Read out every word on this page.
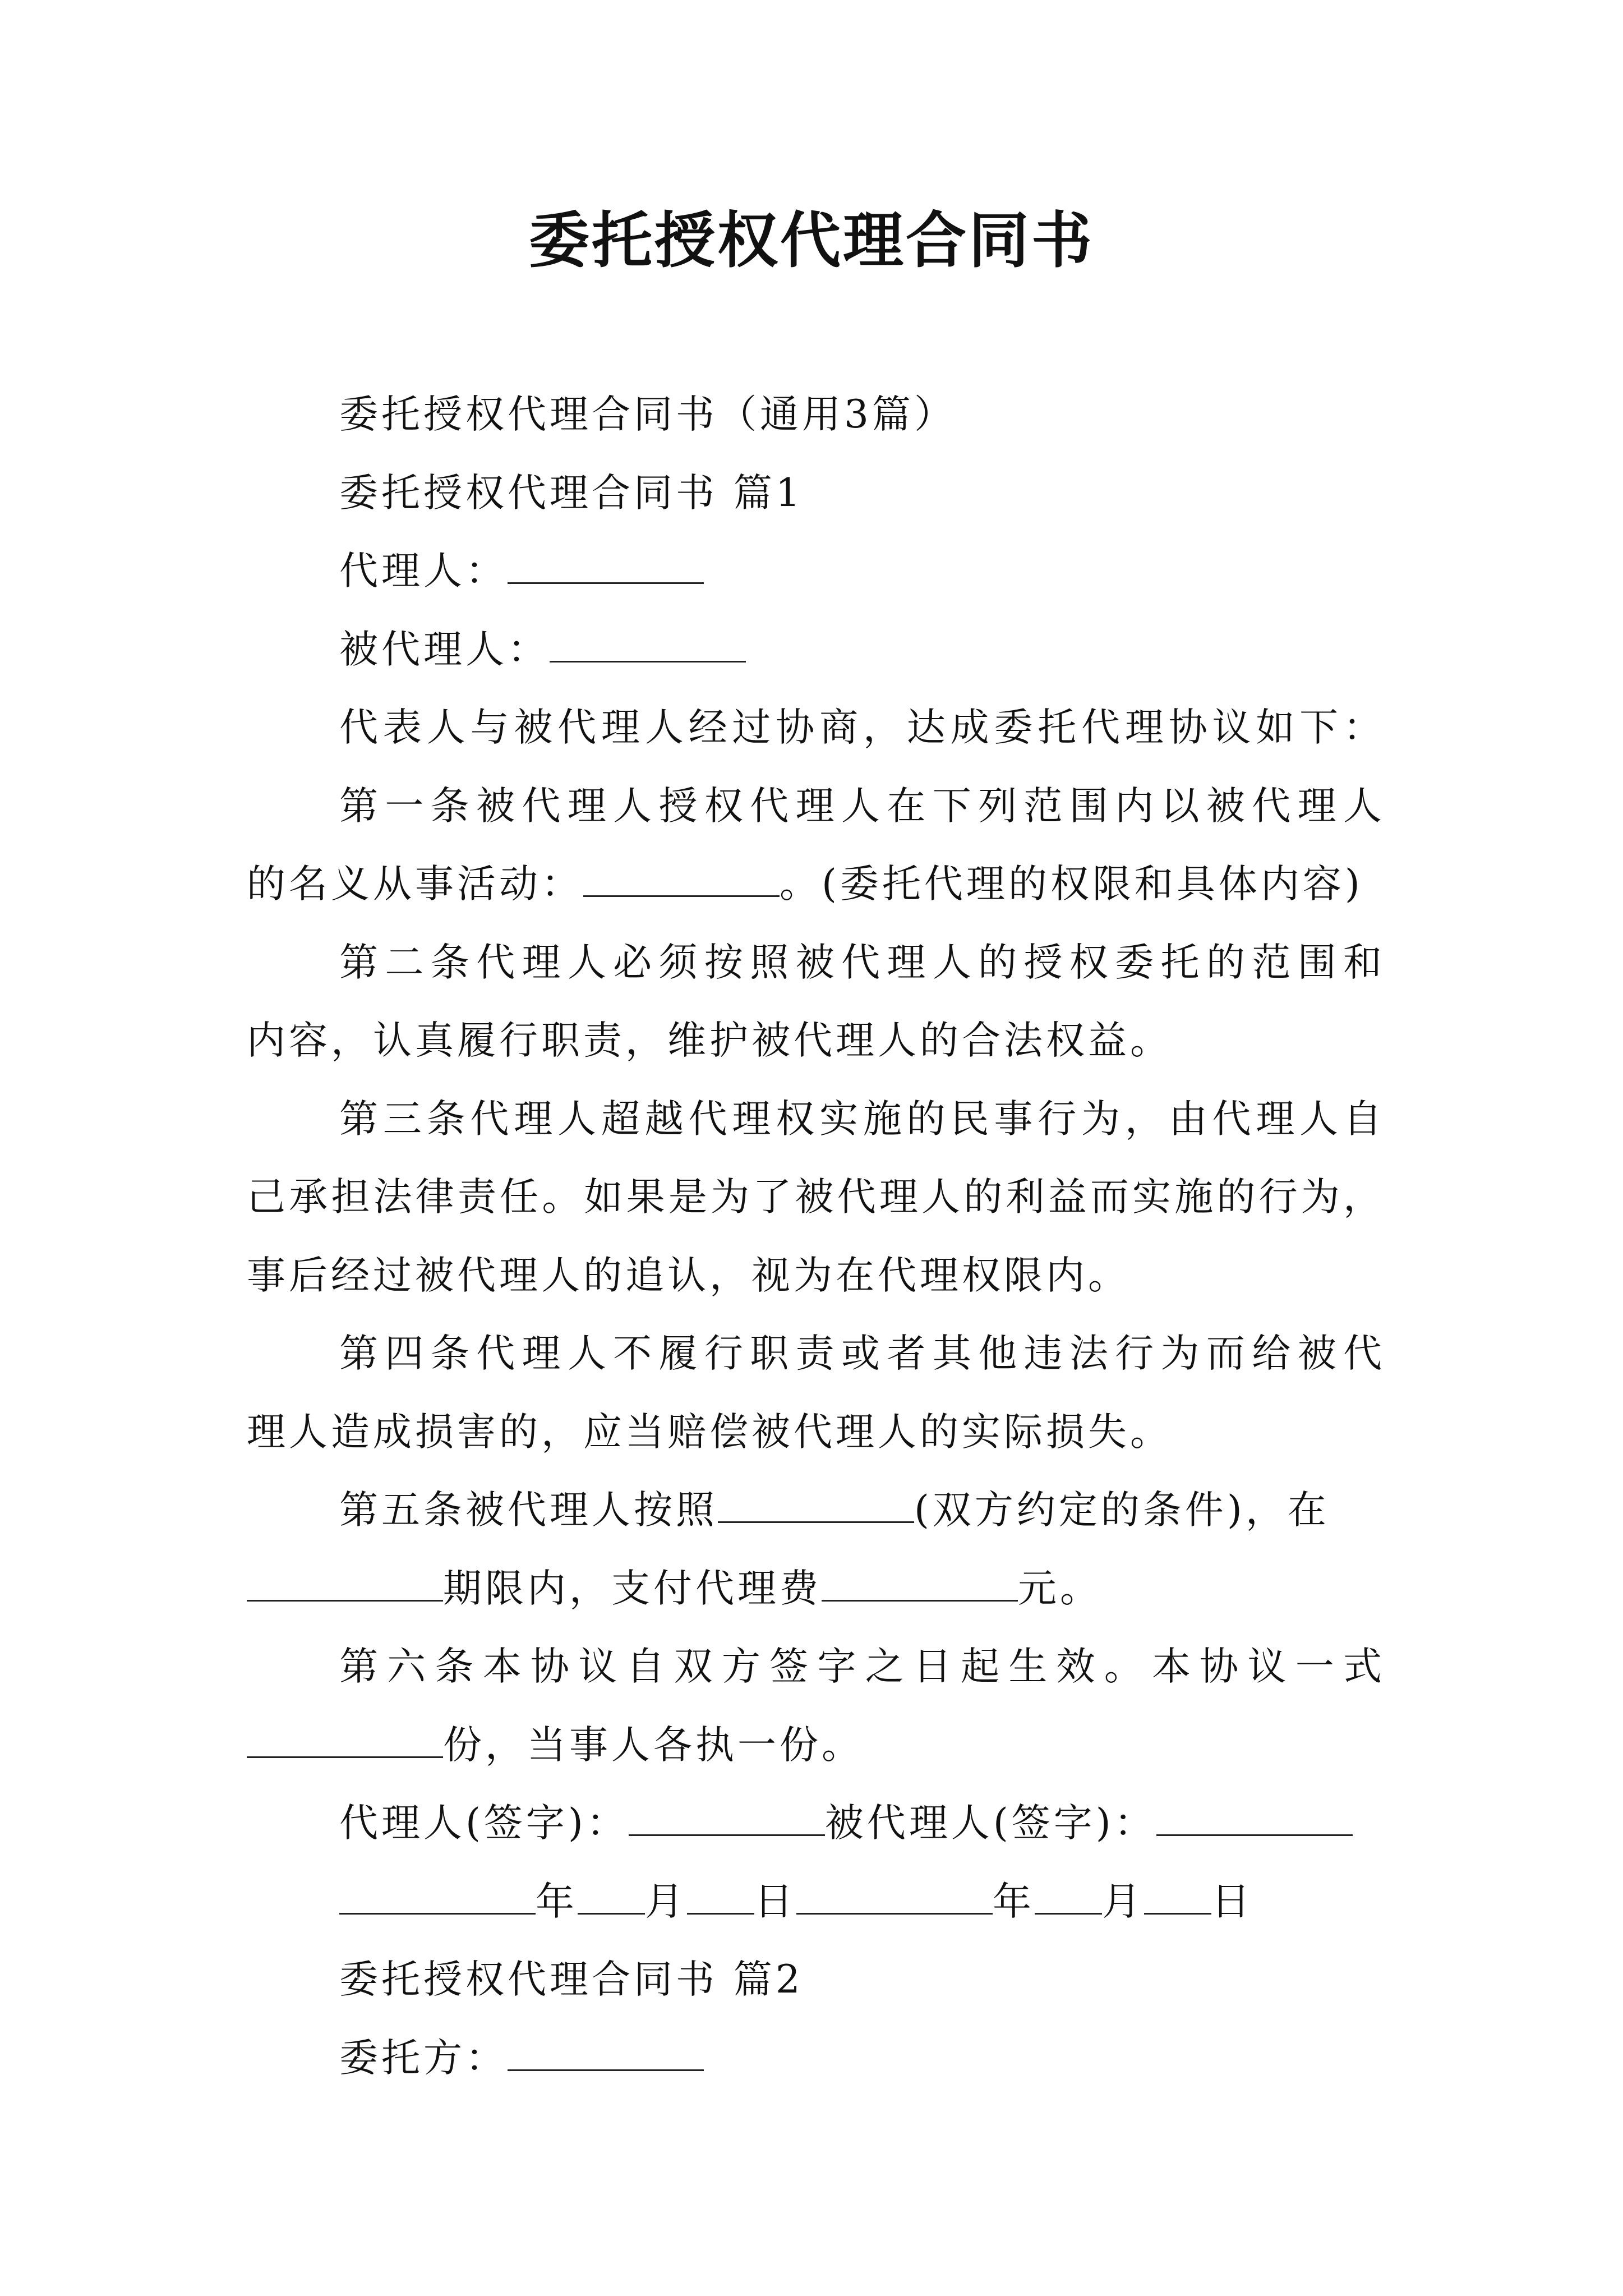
委托授权代理合同书
委托授权代理合同书（通用3篇）
委托授权代理合同书 篇1
代理人：
被代理人：
代表人与被代理人经过协商，达成委托代理协议如下：
第一条被代理人授权代理人在下列范围内以被代理人
的名义从事活动：	。(委托代理的权限和具体内容)
第二条代理人必须按照被代理人的授权委托的范围和
内容，认真履行职责，维护被代理人的合法权益。
第三条代理人超越代理权实施的民事行为，由代理人自
己承担法律责任。如果是为了被代理人的利益而实施的行为，
事后经过被代理人的追认，视为在代理权限内。
第四条代理人不履行职责或者其他违法行为而给被代
理人造成损害的，应当赔偿被代理人的实际损失。
第五条被代理人按照	(双方约定的条件)，在
期限内，支付代理费	元。
第六条本协议自双方签字之日起生效。本协议一式
份，当事人各执一份。
代理人(签字)：	被代理人(签字)：
年 月 日	年 月 日
委托授权代理合同书 篇2
委托方：
